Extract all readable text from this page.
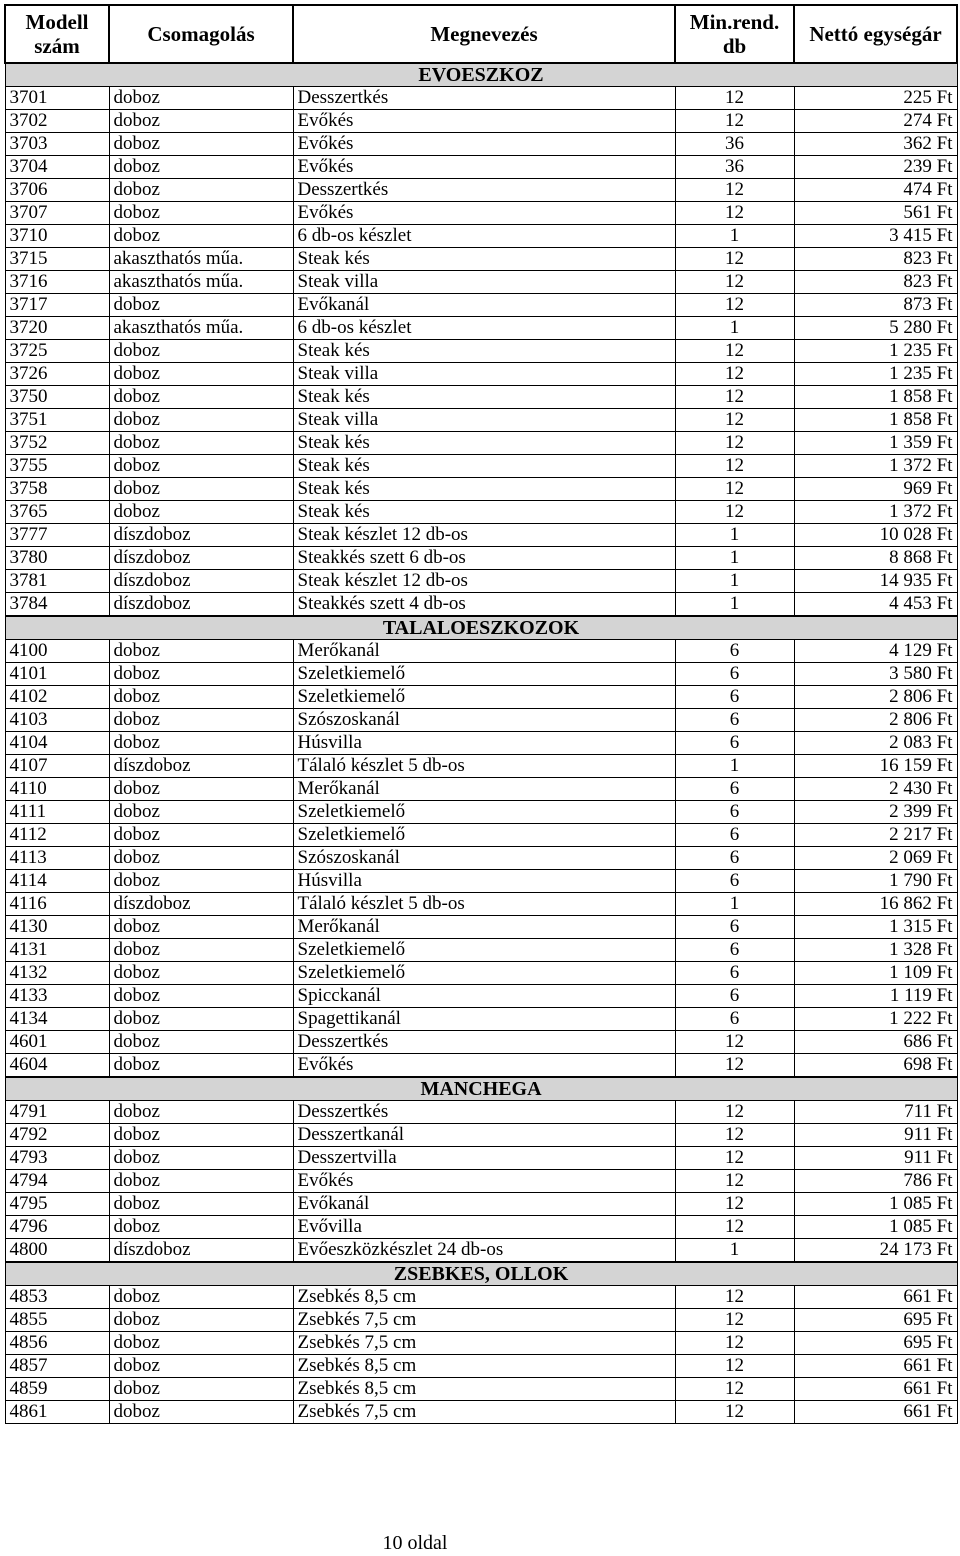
Modell szám	Csomagolás	Megnevezés	Min.rend. db	Nettó egységár
EVOESZKOZ				
3701	doboz	Desszertkés	12	225 Ft
3702	doboz	Evőkés	12	274 Ft
3703	doboz	Evőkés	36	362 Ft
3704	doboz	Evőkés	36	239 Ft
3706	doboz	Desszertkés	12	474 Ft
3707	doboz	Evőkés	12	561 Ft
3710	doboz	6 db-os készlet	1	3 415 Ft
3715	akaszthatós műa.	Steak kés	12	823 Ft
3716	akaszthatós műa.	Steak villa	12	823 Ft
3717	doboz	Evőkanál	12	873 Ft
3720	akaszthatós műa.	6 db-os készlet	1	5 280 Ft
3725	doboz	Steak kés	12	1 235 Ft
3726	doboz	Steak villa	12	1 235 Ft
3750	doboz	Steak kés	12	1 858 Ft
3751	doboz	Steak villa	12	1 858 Ft
3752	doboz	Steak kés	12	1 359 Ft
3755	doboz	Steak kés	12	1 372 Ft
3758	doboz	Steak kés	12	969 Ft
3765	doboz	Steak kés	12	1 372 Ft
3777	díszdoboz	Steak készlet 12 db-os	1	10 028 Ft
3780	díszdoboz	Steakkés szett 6 db-os	1	8 868 Ft
3781	díszdoboz	Steak készlet 12 db-os	1	14 935 Ft
3784	díszdoboz	Steakkés szett 4 db-os	1	4 453 Ft
TALALOESZKOZOK				
4100	doboz	Merőkanál	6	4 129 Ft
4101	doboz	Szeletkiemelő	6	3 580 Ft
4102	doboz	Szeletkiemelő	6	2 806 Ft
4103	doboz	Szószoskanál	6	2 806 Ft
4104	doboz	Húsvilla	6	2 083 Ft
4107	díszdoboz	Tálaló készlet 5 db-os	1	16 159 Ft
4110	doboz	Merőkanál	6	2 430 Ft
4111	doboz	Szeletkiemelő	6	2 399 Ft
4112	doboz	Szeletkiemelő	6	2 217 Ft
4113	doboz	Szószoskanál	6	2 069 Ft
4114	doboz	Húsvilla	6	1 790 Ft
4116	díszdoboz	Tálaló készlet 5 db-os	1	16 862 Ft
4130	doboz	Merőkanál	6	1 315 Ft
4131	doboz	Szeletkiemelő	6	1 328 Ft
4132	doboz	Szeletkiemelő	6	1 109 Ft
4133	doboz	Spicckanál	6	1 119 Ft
4134	doboz	Spagettikanál	6	1 222 Ft
4601	doboz	Desszertkés	12	686 Ft
4604	doboz	Evőkés	12	698 Ft
MANCHEGA				
4791	doboz	Desszertkés	12	711 Ft
4792	doboz	Desszertkanál	12	911 Ft
4793	doboz	Desszertvilla	12	911 Ft
4794	doboz	Evőkés	12	786 Ft
4795	doboz	Evőkanál	12	1 085 Ft
4796	doboz	Evővilla	12	1 085 Ft
4800	díszdoboz	Evőeszközkészlet 24 db-os	1	24 173 Ft
ZSEBKES, OLLOK				
4853	doboz	Zsebkés 8,5 cm	12	661 Ft
4855	doboz	Zsebkés 7,5 cm	12	695 Ft
4856	doboz	Zsebkés 7,5 cm	12	695 Ft
4857	doboz	Zsebkés 8,5 cm	12	661 Ft
4859	doboz	Zsebkés 8,5 cm	12	661 Ft
4861	doboz	Zsebkés 7,5 cm	12	661 Ft
10 oldal
